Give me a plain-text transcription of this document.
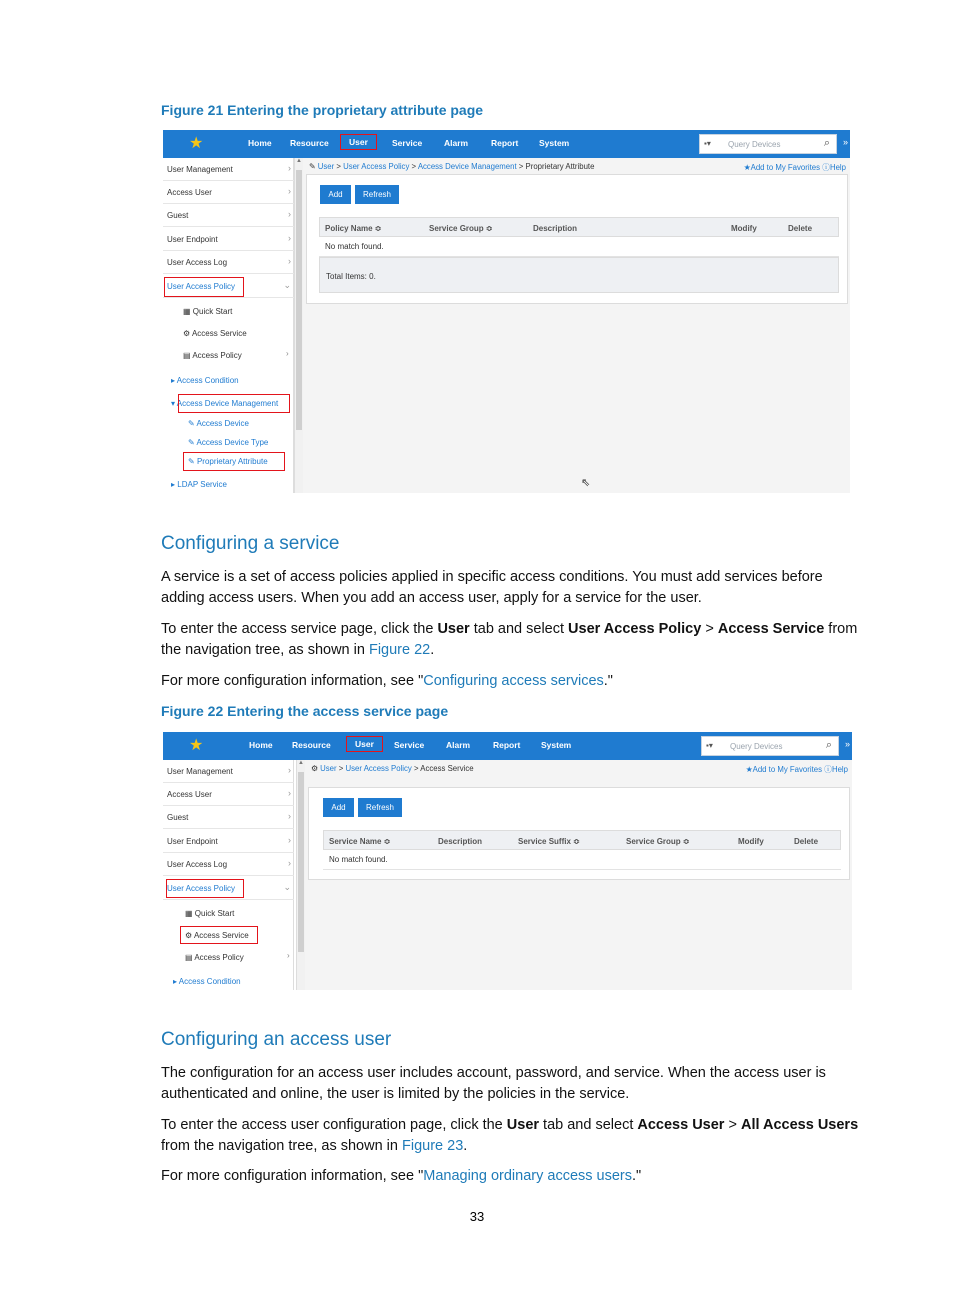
Figure 21 Entering the proprietary attribute page
★	Home Resource	User	Service	Alarm	Report System	▪▾ Query Devices	⌕ »
User Management	›
Access User	›
Guest	›
User Endpoint	›
User Access Log	›
User Access Policy	⌄
▦ Quick Start
⚙ Access Service
▤ Access Policy	›
▸ Access Condition
▾ Access Device Management
✎ Access Device
✎ Access Device Type
✎ Proprietary Attribute
▸ LDAP Service
▲
✎ User > User Access Policy > Access Device Management > Proprietary Attribute	★Add to My Favorites ⓘHelp
Add	Refresh
Policy Name ≎	Service Group ≎	Description	Modify	Delete
No match found.
Total Items: 0.
⇖
Configuring a service
A service is a set of access policies applied in specific access conditions. You must add services before adding access users. When you add an access user, apply for a service for the user.
To enter the access service page, click the User tab and select User Access Policy > Access Service from the navigation tree, as shown in Figure 22.
For more configuration information, see "Configuring access services."
Figure 22 Entering the access service page
★	Home Resource	User	Service	Alarm	Report System	▪▾ Query Devices	⌕ »
User Management	›
Access User	›
Guest	›
User Endpoint	›
User Access Log	›
User Access Policy	⌄
▦ Quick Start
⚙ Access Service
▤ Access Policy	›
▸ Access Condition
▲
⚙ User > User Access Policy > Access Service	★Add to My Favorites ⓘHelp
Add	Refresh
Service Name ≎	Description	Service Suffix ≎	Service Group ≎	Modify	Delete
No match found.
Configuring an access user
The configuration for an access user includes account, password, and service. When the access user is authenticated and online, the user is limited by the policies in the service.
To enter the access user configuration page, click the User tab and select Access User > All Access Users from the navigation tree, as shown in Figure 23.
For more configuration information, see "Managing ordinary access users."
33
